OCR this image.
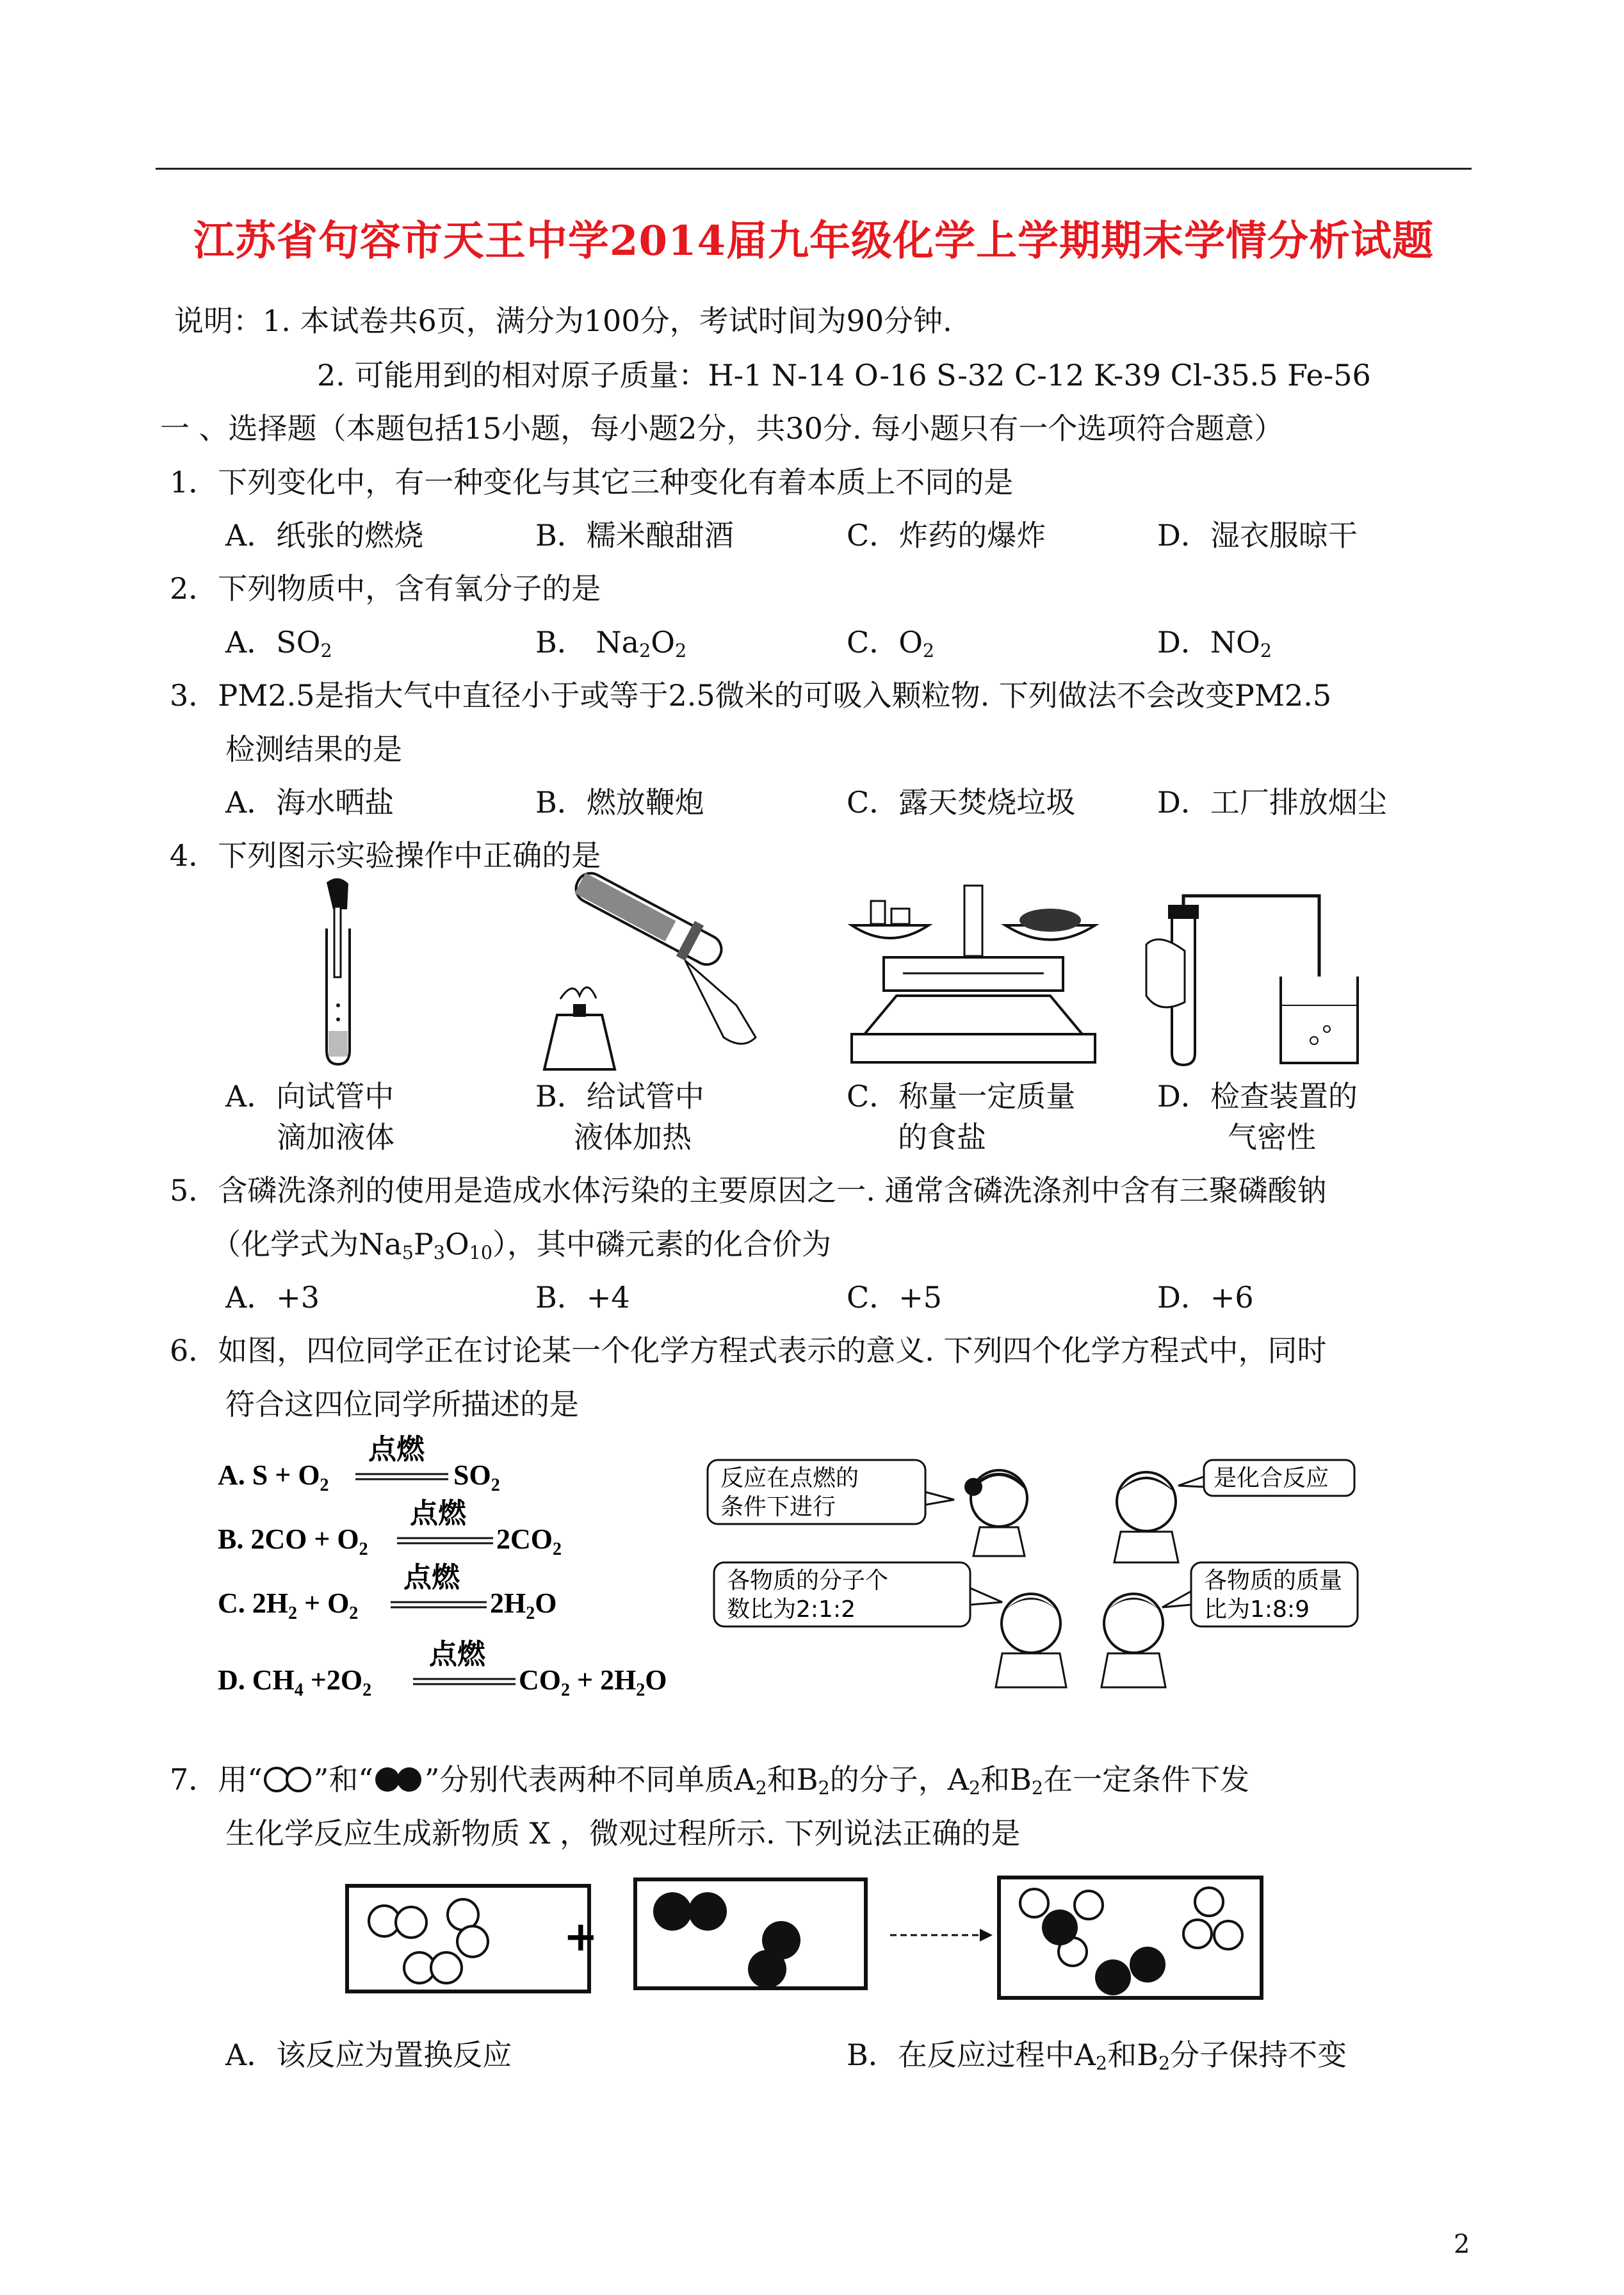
江苏省句容市天王中学2014届九年级化学上学期期末学情分析试题
说明：1. 本试卷共6页，满分为100分，考试时间为90分钟.
2. 可能用到的相对原子质量：H-1 N-14 O-16 S-32 C-12 K-39 Cl-35.5 Fe-56
一 、选择题（本题包括15小题，每小题2分，共30分. 每小题只有一个选项符合题意）
1．下列变化中，有一种变化与其它三种变化有着本质上不同的是
A．纸张的燃烧	B．糯米酿甜酒	C．炸药的爆炸	D．湿衣服晾干
2．下列物质中，含有氧分子的是
A．$SO_2$	B． $Na_2O_2$	C．$O_2$	D．$NO_2$
3．PM2.5是指大气中直径小于或等于2.5微米的可吸入颗粒物. 下列做法不会改变PM2.5
检测结果的是
A．海水晒盐	B．燃放鞭炮	C．露天焚烧垃圾	D．工厂排放烟尘
4．下列图示实验操作中正确的是
A．向试管中
滴加液体
B．给试管中
液体加热
C．称量一定质量
的食盐
D．检查装置的
气密性
5．含磷洗涤剂的使用是造成水体污染的主要原因之一. 通常含磷洗涤剂中含有三聚磷酸钠
（化学式为$Na_5P_3O_{10}$），其中磷元素的化合价为
A．+3	B．+4	C．+5	D．+6
6．如图，四位同学正在讨论某一个化学方程式表示的意义. 下列四个化学方程式中，同时
符合这四位同学所描述的是
A. $S + O_2$
点燃
$SO_2$
B. $2CO + O_2$
点燃
$2CO_2$
C. $2H_2 + O_2$
点燃
$2H_2O$
D. $CH_4 +2O_2$
点燃
$CO_2 + 2H_2O$
反应在点燃的
条件下进行
是化合反应
各物质的分子个
数比为2:1:2
各物质的质量
比为1:8:9
7．用“ ”和“ ”分别代表两种不同单质$A_2$和$B_2$的分子，$A_2$和$B_2$在一定条件下发
生化学反应生成新物质 X ，微观过程所示. 下列说法正确的是
+
A．该反应为置换反应	B．在反应过程中$A_2$和$B_2$分子保持不变
2
